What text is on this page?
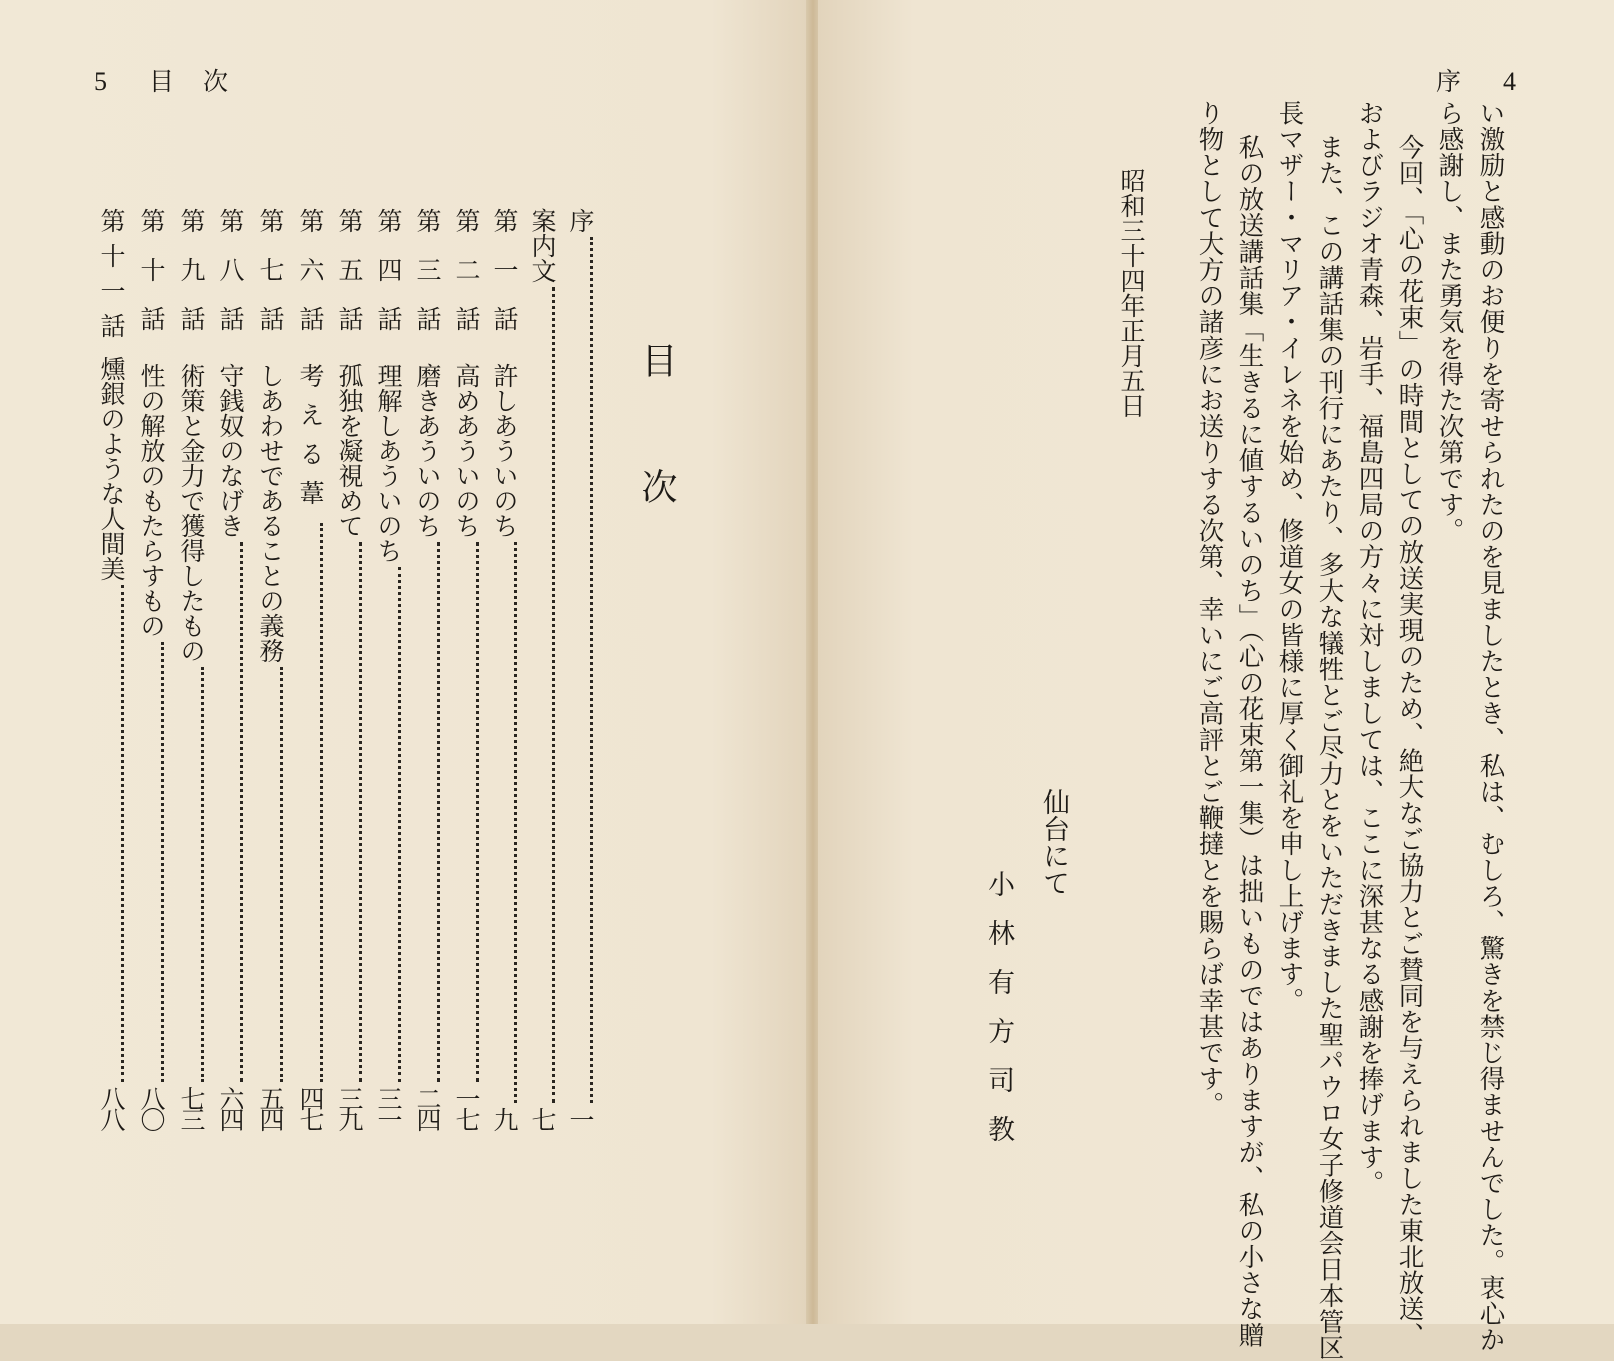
5 目　次
目次
序
一
案内文
七
第一話
許しあういのち
九
第二話
高めあういのち
一七
第三話
磨きあういのち
二四
第四話
理解しあういのち
三一
第五話
孤独を凝視めて
三九
第六話
考える葦
四七
第七話
しあわせであることの義務
五四
第八話
守銭奴のなげき
六四
第九話
術策と金力で獲得したもの
七三
第十話
性の解放のもたらすもの
八〇
第十一話
燻銀のような人間美
八八
序 4
い激励と感動のお便りを寄せられたのを見ましたとき、私は、むしろ、驚きを禁じ得ませんでした。衷心か
ら感謝し、また勇気を得た次第です。
今回、「心の花束」の時間としての放送実現のため、絶大なご協力とご賛同を与えられました東北放送、
およびラジオ青森、岩手、福島四局の方々に対しましては、ここに深甚なる感謝を捧げます。
また、この講話集の刊行にあたり、多大な犠牲とご尽力とをいただきました聖パウロ女子修道会日本管区
長マザー・マリア・イレネを始め、修道女の皆様に厚く御礼を申し上げます。
私の放送講話集「生きるに値するいのち」（心の花束第一集）は拙いものではありますが、私の小さな贈
り物として大方の諸彦にお送りする次第、幸いにご高評とご鞭撻とを賜らば幸甚です。
昭和三十四年正月五日
仙台にて
小林有方司教
